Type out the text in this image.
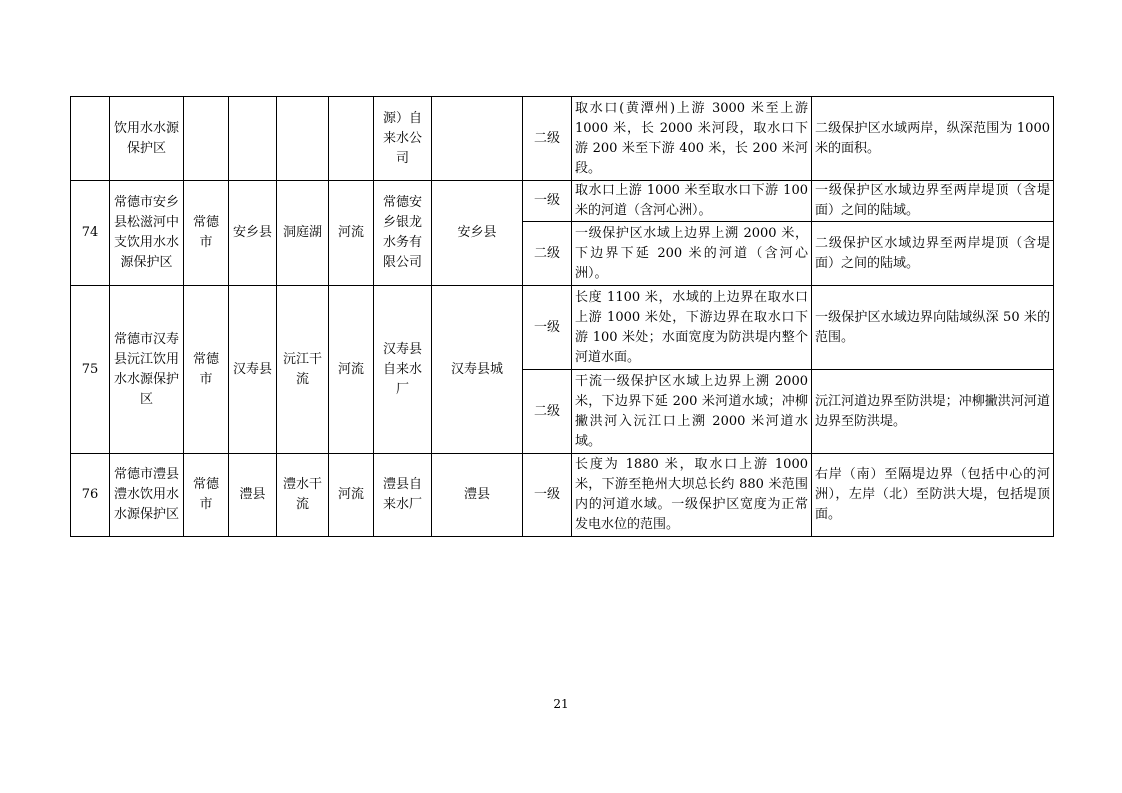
	饮用水水源保护区					源）自来水公司		二级	取水口(黄潭州)上游 3000 米至上游 1000 米，长 2000 米河段，取水口下游 200 米至下游 400 米，长 200 米河段。	二级保护区水域两岸，纵深范围为 1000 米的面积。
74	常德市安乡县松滋河中支饮用水水源保护区	常德市	安乡县	洞庭湖	河流	常德安乡银龙水务有限公司	安乡县	一级	取水口上游 1000 米至取水口下游 100 米的河道（含河心洲）。	一级保护区水域边界至两岸堤顶（含堤面）之间的陆域。
								二级	一级保护区水域上边界上溯 2000 米，下边界下延 200 米的河道（含河心洲）。	二级保护区水域边界至两岸堤顶（含堤面）之间的陆域。
75	常德市汉寿县沅江饮用水水源保护区	常德市	汉寿县	沅江干流	河流	汉寿县自来水厂	汉寿县城	一级	长度 1100 米，水域的上边界在取水口上游 1000 米处，下游边界在取水口下游 100 米处；水面宽度为防洪堤内整个河道水面。	一级保护区水域边界向陆域纵深 50 米的范围。
								二级	干流一级保护区水域上边界上溯 2000 米，下边界下延 200 米河道水域；冲柳撇洪河入沅江口上溯 2000 米河道水域。	沅江河道边界至防洪堤；冲柳撇洪河河道边界至防洪堤。
76	常德市澧县澧水饮用水水源保护区	常德市	澧县	澧水干流	河流	澧县自来水厂	澧县	一级	长度为 1880 米，取水口上游 1000 米，下游至艳州大坝总长约 880 米范围内的河道水域。一级保护区宽度为正常发电水位的范围。	右岸（南）至隔堤边界（包括中心的河洲），左岸（北）至防洪大堤，包括堤顶面。
21
